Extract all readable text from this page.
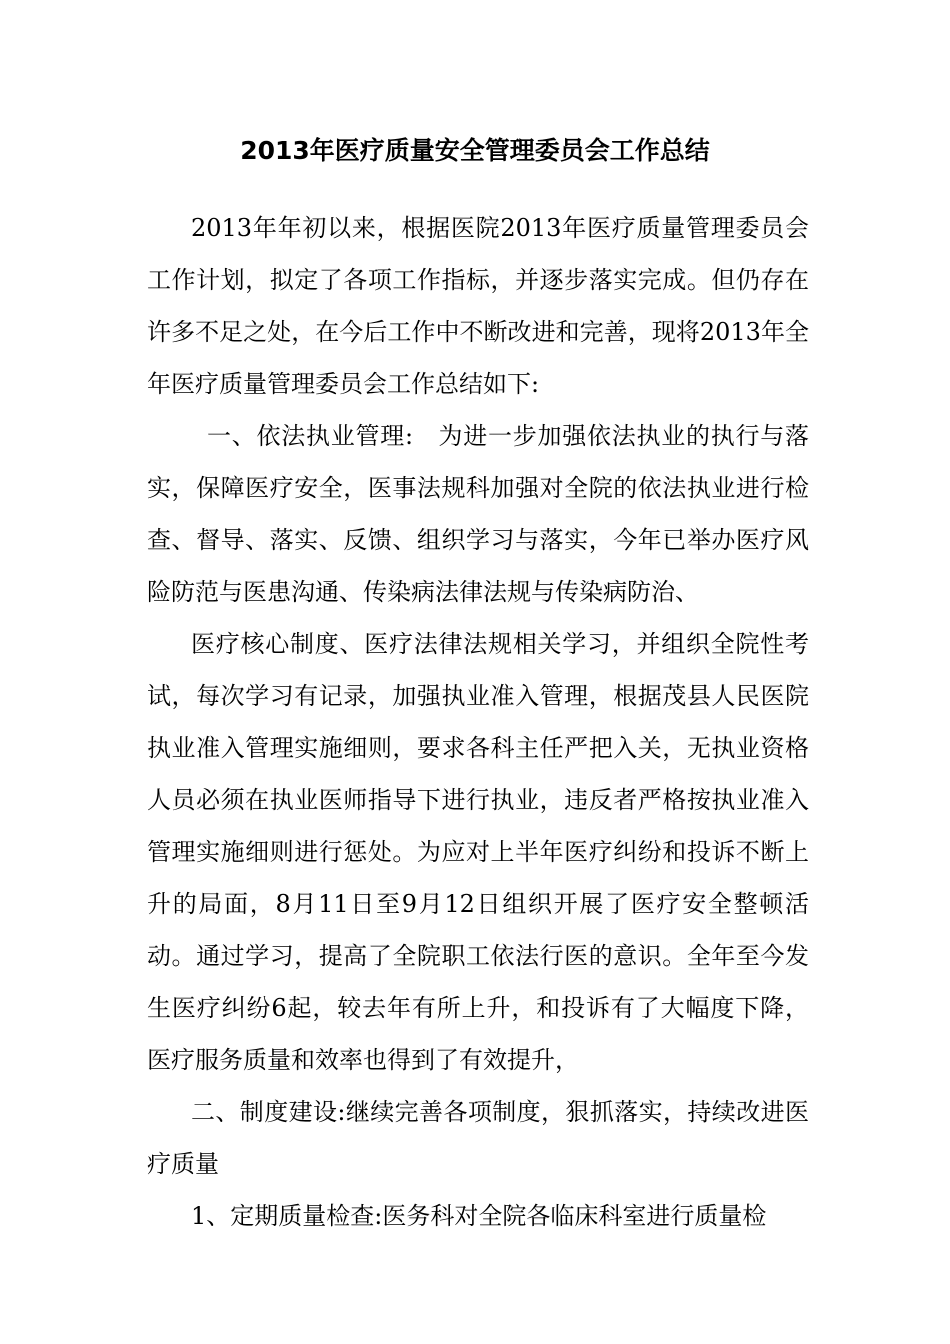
2013年医疗质量安全管理委员会工作总结

2013年年初以来，根据医院2013年医疗质量管理委员会工作计划，拟定了各项工作指标，并逐步落实完成。但仍存在许多不足之处，在今后工作中不断改进和完善，现将2013年全年医疗质量管理委员会工作总结如下:

一、依法执业管理:　为进一步加强依法执业的执行与落实，保障医疗安全，医事法规科加强对全院的依法执业进行检查、督导、落实、反馈、组织学习与落实，今年已举办医疗风险防范与医患沟通、传染病法律法规与传染病防治、

医疗核心制度、医疗法律法规相关学习，并组织全院性考试，每次学习有记录，加强执业准入管理，根据茂县人民医院执业准入管理实施细则，要求各科主任严把入关，无执业资格人员必须在执业医师指导下进行执业，违反者严格按执业准入管理实施细则进行惩处。为应对上半年医疗纠纷和投诉不断上升的局面，8月11日至9月12日组织开展了医疗安全整顿活动。通过学习，提高了全院职工依法行医的意识。全年至今发生医疗纠纷6起，较去年有所上升，和投诉有了大幅度下降，医疗服务质量和效率也得到了有效提升，

二、制度建设:继续完善各项制度，狠抓落实，持续改进医疗质量

1、定期质量检查:医务科对全院各临床科室进行质量检
